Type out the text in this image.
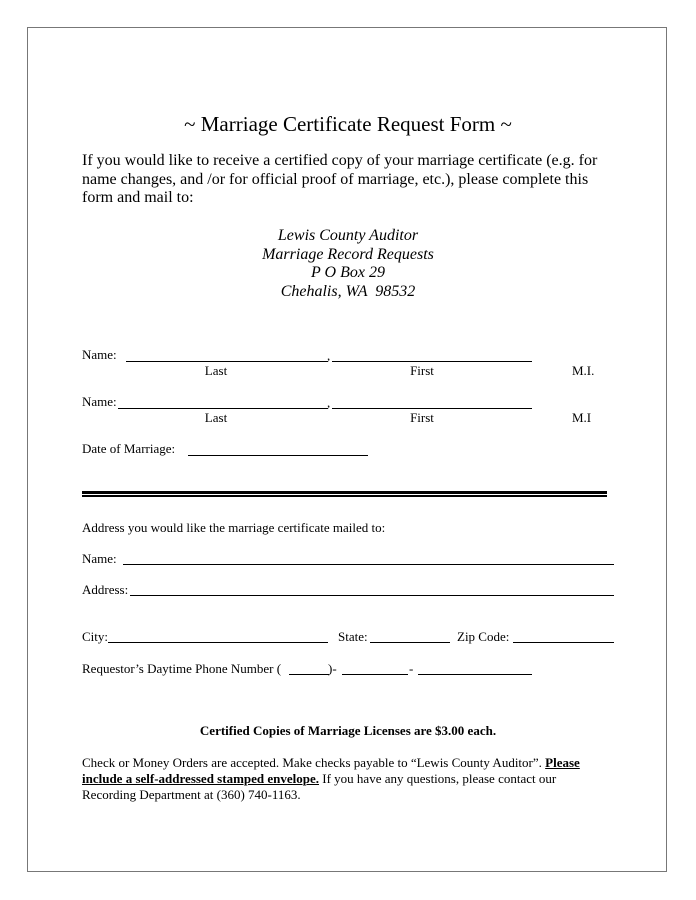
~ Marriage Certificate Request Form ~
If you would like to receive a certified copy of your marriage certificate (e.g. for name changes, and /or for official proof of marriage, etc.), please complete this form and mail to:
Lewis County Auditor
Marriage Record Requests
P O Box 29
Chehalis, WA  98532
Name:	,
Last	First	M.I.
Name:	,
Last	First	M.I
Date of Marriage:
Address you would like the marriage certificate mailed to:
Name:
Address:
City:	State:	Zip Code:
Requestor’s Daytime Phone Number (	)-	-
Certified Copies of Marriage Licenses are $3.00 each.
Check or Money Orders are accepted. Make checks payable to “Lewis County Auditor”. Please include a self-addressed stamped envelope. If you have any questions, please contact our Recording Department at (360) 740-1163.
